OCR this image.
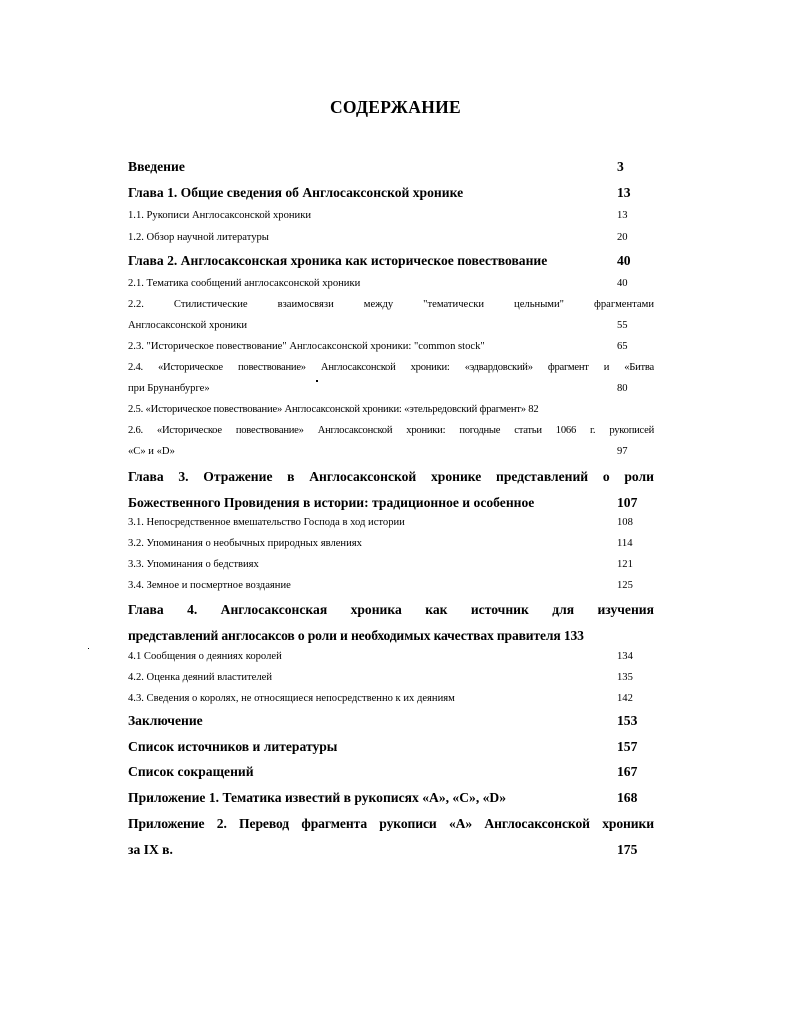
СОДЕРЖАНИЕ
Введение	3
Глава 1. Общие сведения об Англосаксонской хронике	13
1.1. Рукописи Англосаксонской хроники	13
1.2. Обзор научной литературы	20
Глава 2. Англосаксонская хроника как историческое повествование	40
2.1. Тематика сообщений англосаксонской хроники	40
2.2. Стилистические взаимосвязи между "тематически цельными" фрагментами
Англосаксонской хроники	55
2.3. "Историческое повествование" Англосаксонской хроники: "common stock"	65
2.4. «Историческое повествование» Англосаксонской хроники: «эдвардовский» фрагмент и «Битва
при Брунанбурге»	80
2.5. «Историческое повествование» Англосаксонской хроники: «этельредовский фрагмент» 82
2.6. «Историческое повествование» Англосаксонской хроники: погодные статьи 1066 г. рукописей
«С» и «D»	97
Глава 3. Отражение в Англосаксонской хронике представлений о роли
Божественного Провидения в истории: традиционное и особенное	107
3.1. Непосредственное вмешательство Господа в ход истории	108
3.2. Упоминания о необычных природных явлениях	114
3.3. Упоминания о бедствиях	121
3.4. Земное и посмертное воздаяние	125
Глава 4. Англосаксонская хроника как источник для изучения
представлений англосаксов о роли и необходимых качествах правителя 133
4.1 Сообщения о деяниях королей	134
4.2. Оценка деяний властителей	135
4.3. Сведения о королях, не относящиеся непосредственно к их деяниям	142
Заключение	153
Список источников и литературы	157
Список сокращений	167
Приложение 1. Тематика известий в рукописях «А», «С», «D»	168
Приложение 2. Перевод фрагмента рукописи «А» Англосаксонской хроники
за IX в.	175
